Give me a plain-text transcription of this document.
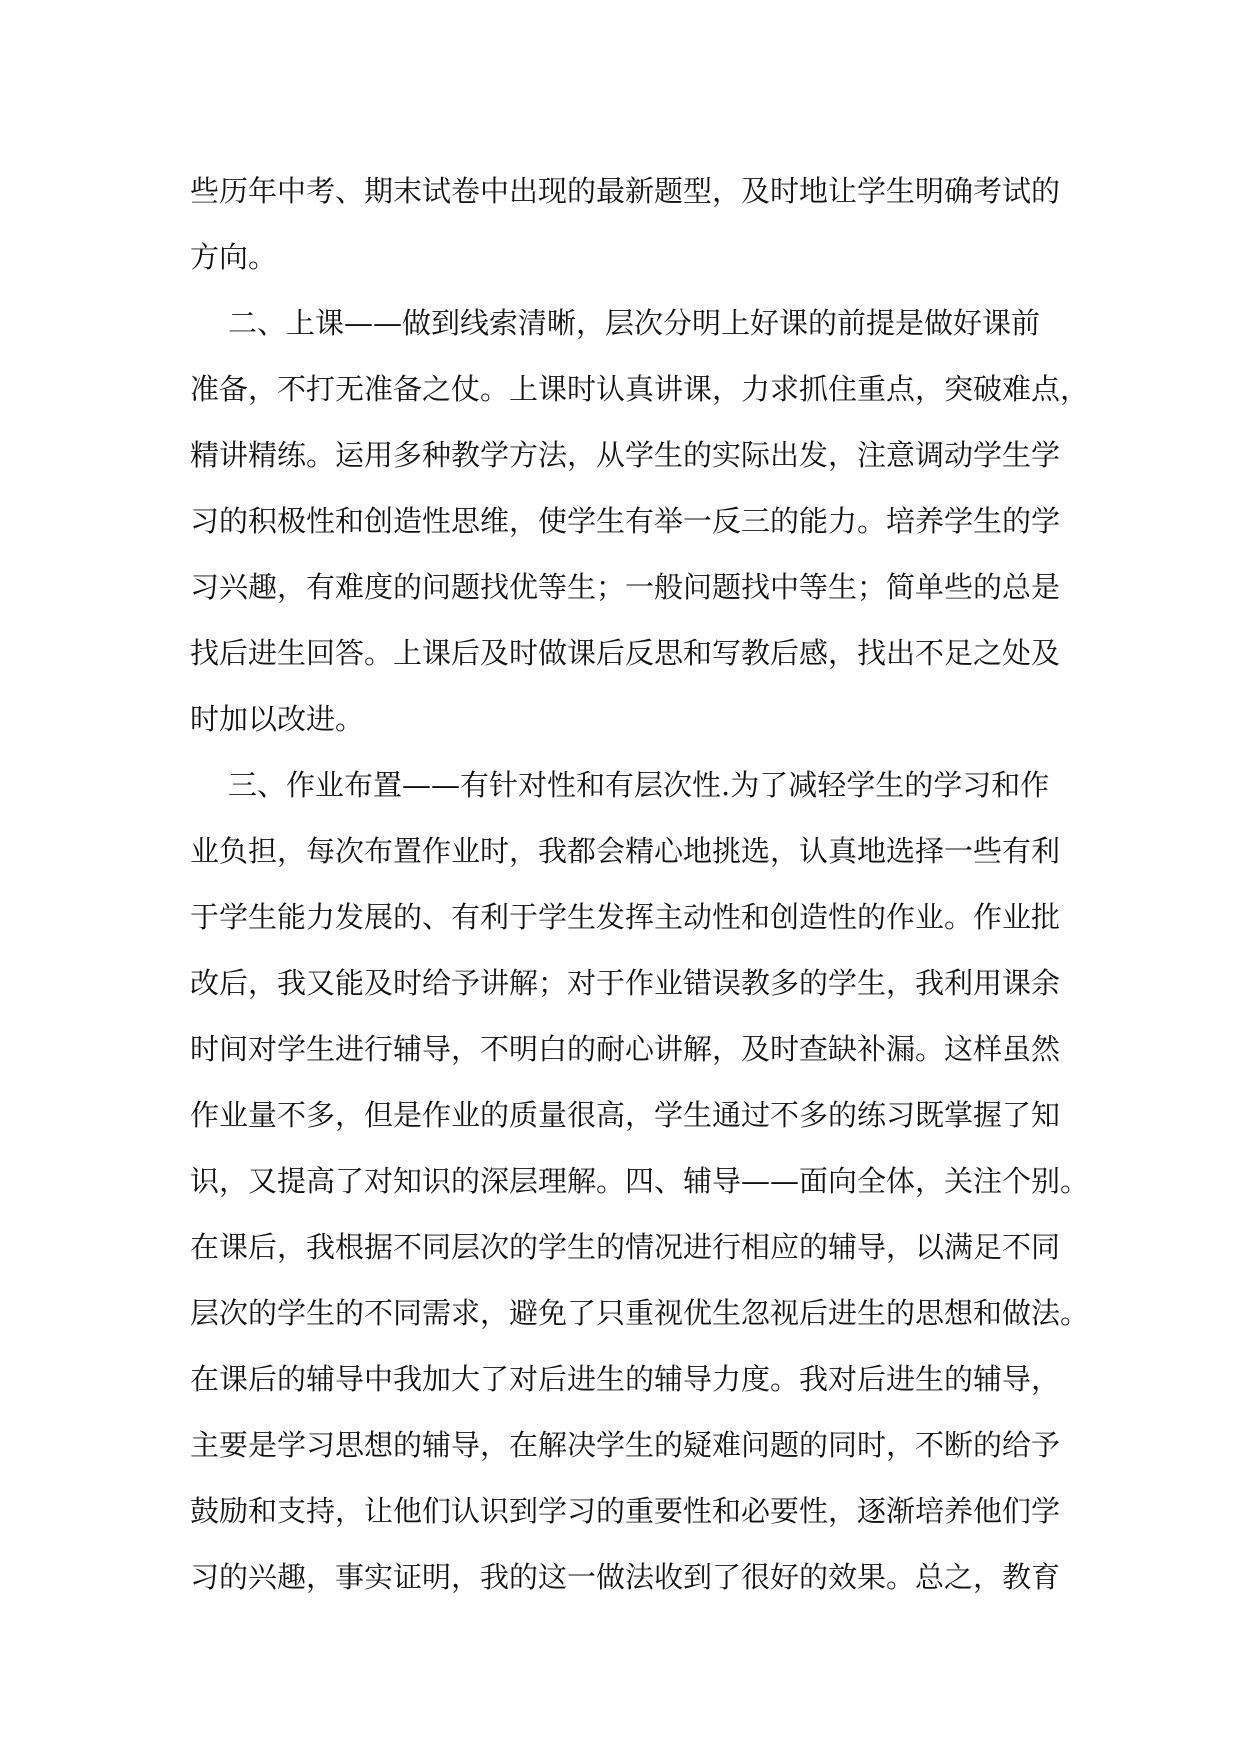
些历年中考、期末试卷中出现的最新题型，及时地让学生明确考试的
方向。
二、上课——做到线索清晰，层次分明上好课的前提是做好课前
准备，不打无准备之仗。上课时认真讲课，力求抓住重点，突破难点，
精讲精练。运用多种教学方法，从学生的实际出发，注意调动学生学
习的积极性和创造性思维，使学生有举一反三的能力。培养学生的学
习兴趣，有难度的问题找优等生；一般问题找中等生；简单些的总是
找后进生回答。上课后及时做课后反思和写教后感，找出不足之处及
时加以改进。
三、作业布置——有针对性和有层次性.为了减轻学生的学习和作
业负担，每次布置作业时，我都会精心地挑选，认真地选择一些有利
于学生能力发展的、有利于学生发挥主动性和创造性的作业。作业批
改后，我又能及时给予讲解；对于作业错误教多的学生，我利用课余
时间对学生进行辅导，不明白的耐心讲解，及时查缺补漏。这样虽然
作业量不多，但是作业的质量很高，学生通过不多的练习既掌握了知
识，又提高了对知识的深层理解。四、辅导——面向全体，关注个别。
在课后，我根据不同层次的学生的情况进行相应的辅导，以满足不同
层次的学生的不同需求，避免了只重视优生忽视后进生的思想和做法。
在课后的辅导中我加大了对后进生的辅导力度。我对后进生的辅导，
主要是学习思想的辅导，在解决学生的疑难问题的同时，不断的给予
鼓励和支持，让他们认识到学习的重要性和必要性，逐渐培养他们学
习的兴趣，事实证明，我的这一做法收到了很好的效果。总之，教育
